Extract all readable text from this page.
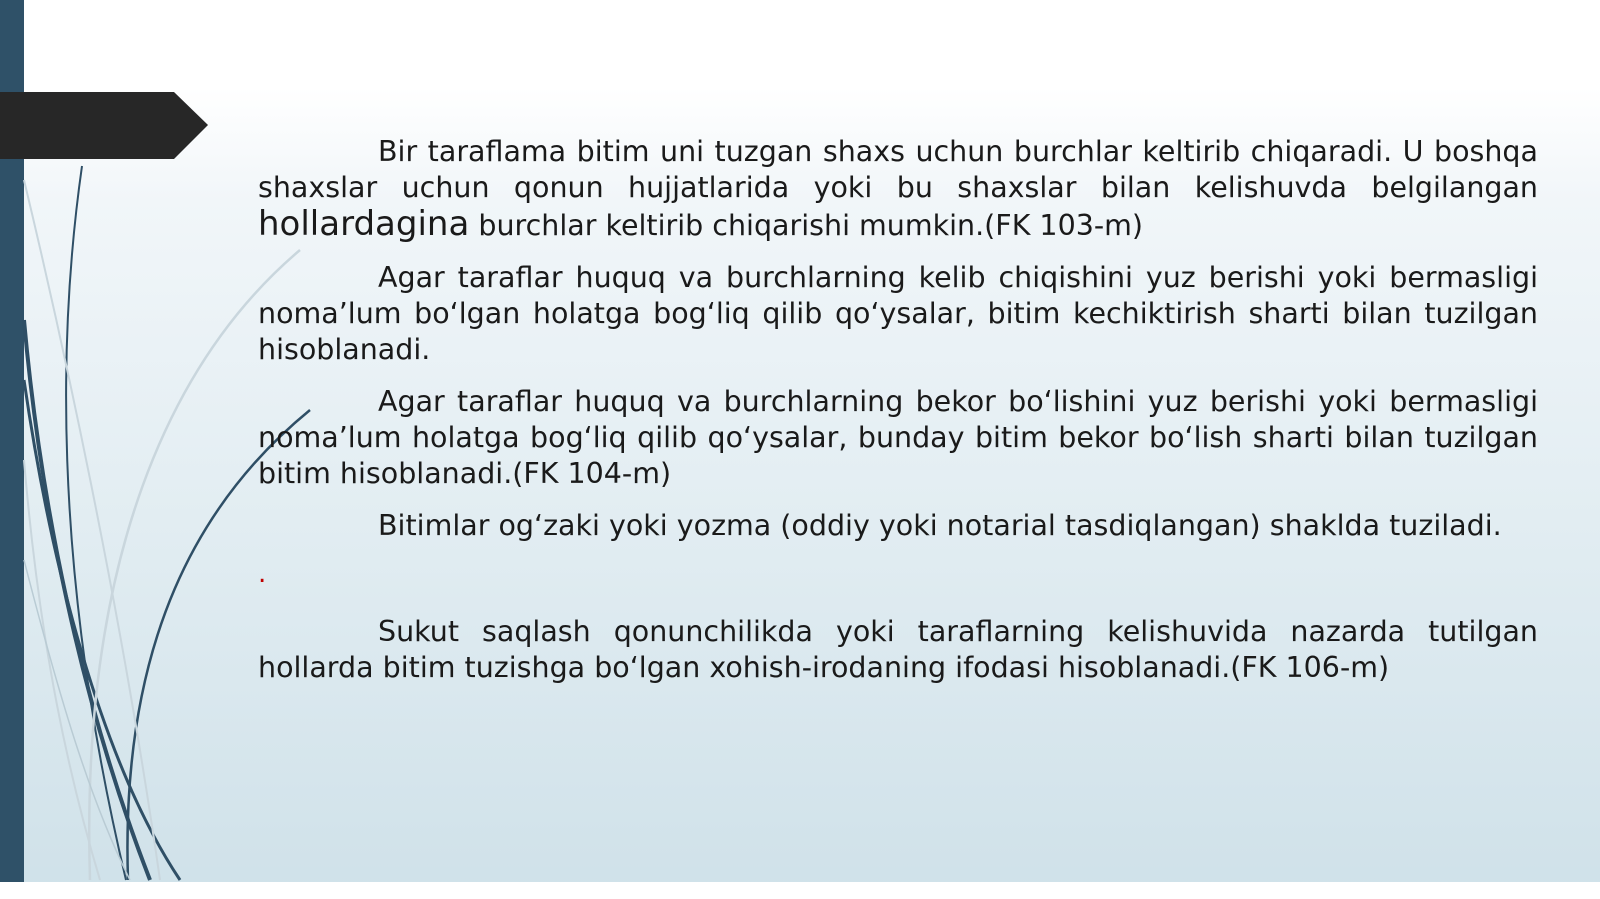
Bir taraflama bitim uni tuzgan shaxs uchun burchlar keltirib chiqaradi. U boshqa shaxslar uchun qonun hujjatlarida yoki bu shaxslar bilan kelishuvda belgilangan hollardagina burchlar keltirib chiqarishi mumkin.(FK 103-m)

Agar taraflar huquq va burchlarning kelib chiqishini yuz berishi yoki bermasligi noma’lum bo‘lgan holatga bog‘liq qilib qo‘ysalar, bitim kechiktirish sharti bilan tuzilgan hisoblanadi.

Agar taraflar huquq va burchlarning bekor bo‘lishini yuz berishi yoki bermasligi noma’lum holatga bog‘liq qilib qo‘ysalar, bunday bitim bekor bo‘lish sharti bilan tuzilgan bitim hisoblanadi.(FK 104-m)

Bitimlar og‘zaki yoki yozma (oddiy yoki notarial tasdiqlangan) shaklda tuziladi.

.

Sukut saqlash qonunchilikda yoki taraflarning kelishuvida nazarda tutilgan hollarda bitim tuzishga bo‘lgan xohish-irodaning ifodasi hisoblanadi.(FK 106-m)
